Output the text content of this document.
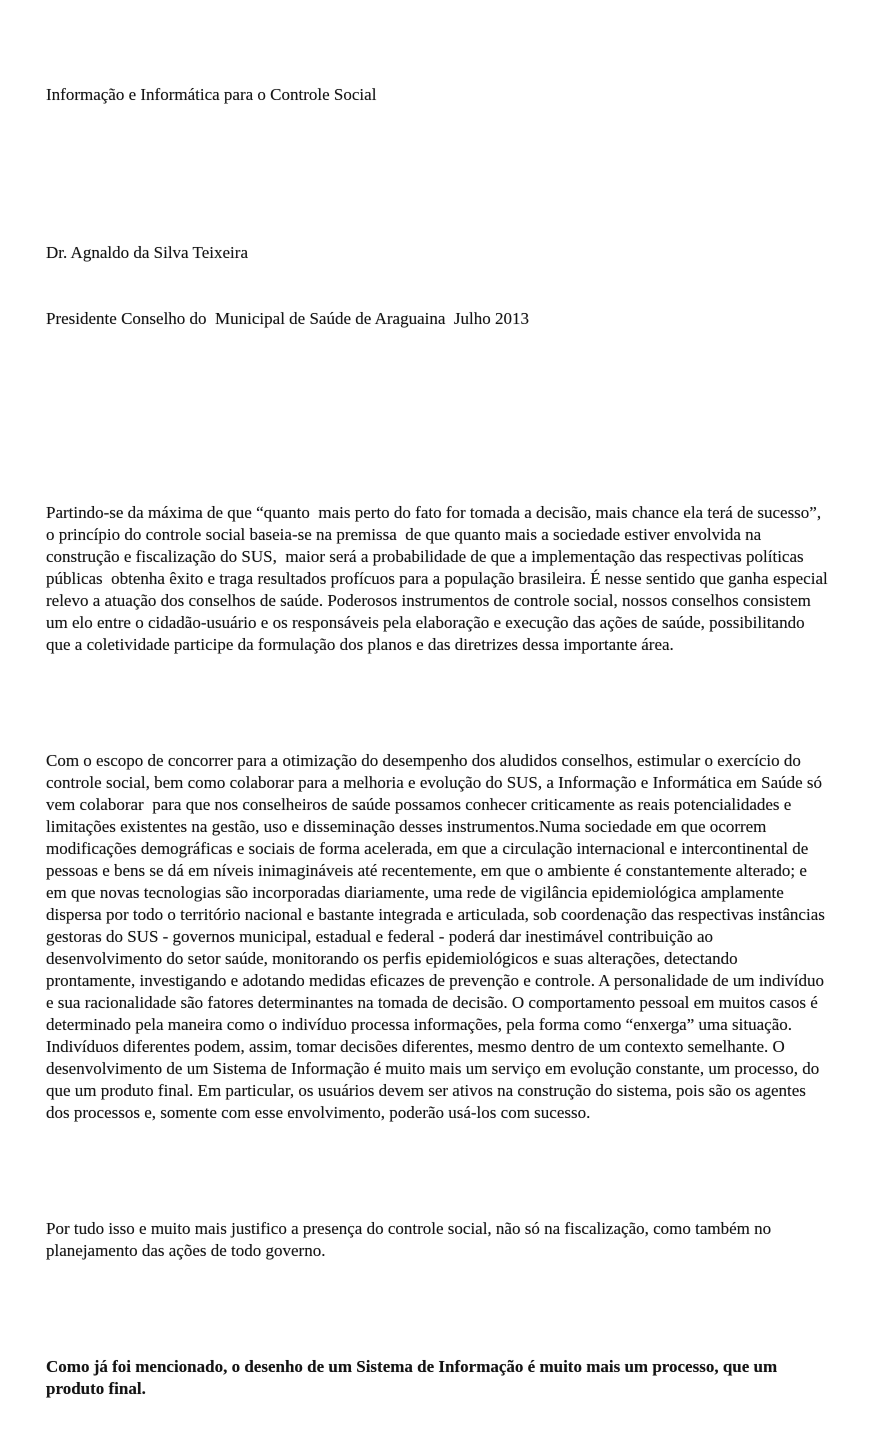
Informação e Informática para o Controle Social

Dr. Agnaldo da Silva Teixeira

Presidente Conselho do  Municipal de Saúde de Araguaina  Julho 2013

Partindo-se da máxima de que “quanto  mais perto do fato for tomada a decisão, mais chance ela terá de sucesso”, o princípio do controle social baseia-se na premissa  de que quanto mais a sociedade estiver envolvida na construção e fiscalização do SUS,  maior será a probabilidade de que a implementação das respectivas políticas públicas  obtenha êxito e traga resultados profícuos para a população brasileira. É nesse sentido que ganha especial relevo a atuação dos conselhos de saúde. Poderosos instrumentos de controle social, nossos conselhos consistem um elo entre o cidadão-usuário e os responsáveis pela elaboração e execução das ações de saúde, possibilitando que a coletividade participe da formulação dos planos e das diretrizes dessa importante área.

Com o escopo de concorrer para a otimização do desempenho dos aludidos conselhos, estimular o exercício do controle social, bem como colaborar para a melhoria e evolução do SUS, a Informação e Informática em Saúde só vem colaborar  para que nos conselheiros de saúde possamos conhecer criticamente as reais potencialidades e limitações existentes na gestão, uso e disseminação desses instrumentos.Numa sociedade em que ocorrem modificações demográficas e sociais de forma acelerada, em que a circulação internacional e intercontinental de pessoas e bens se dá em níveis inimagináveis até recentemente, em que o ambiente é constantemente alterado; e em que novas tecnologias são incorporadas diariamente, uma rede de vigilância epidemiológica amplamente dispersa por todo o território nacional e bastante integrada e articulada, sob coordenação das respectivas instâncias gestoras do SUS - governos municipal, estadual e federal - poderá dar inestimável contribuição ao desenvolvimento do setor saúde, monitorando os perfis epidemiológicos e suas alterações, detectando prontamente, investigando e adotando medidas eficazes de prevenção e controle. A personalidade de um indivíduo e sua racionalidade são fatores determinantes na tomada de decisão. O comportamento pessoal em muitos casos é determinado pela maneira como o indivíduo processa informações, pela forma como “enxerga” uma situação. Indivíduos diferentes podem, assim, tomar decisões diferentes, mesmo dentro de um contexto semelhante. O desenvolvimento de um Sistema de Informação é muito mais um serviço em evolução constante, um processo, do que um produto final. Em particular, os usuários devem ser ativos na construção do sistema, pois são os agentes dos processos e, somente com esse envolvimento, poderão usá-los com sucesso.

Por tudo isso e muito mais justifico a presença do controle social, não só na fiscalização, como também no planejamento das ações de todo governo.

Como já foi mencionado, o desenho de um Sistema de Informação é muito mais um processo, que um produto final.
